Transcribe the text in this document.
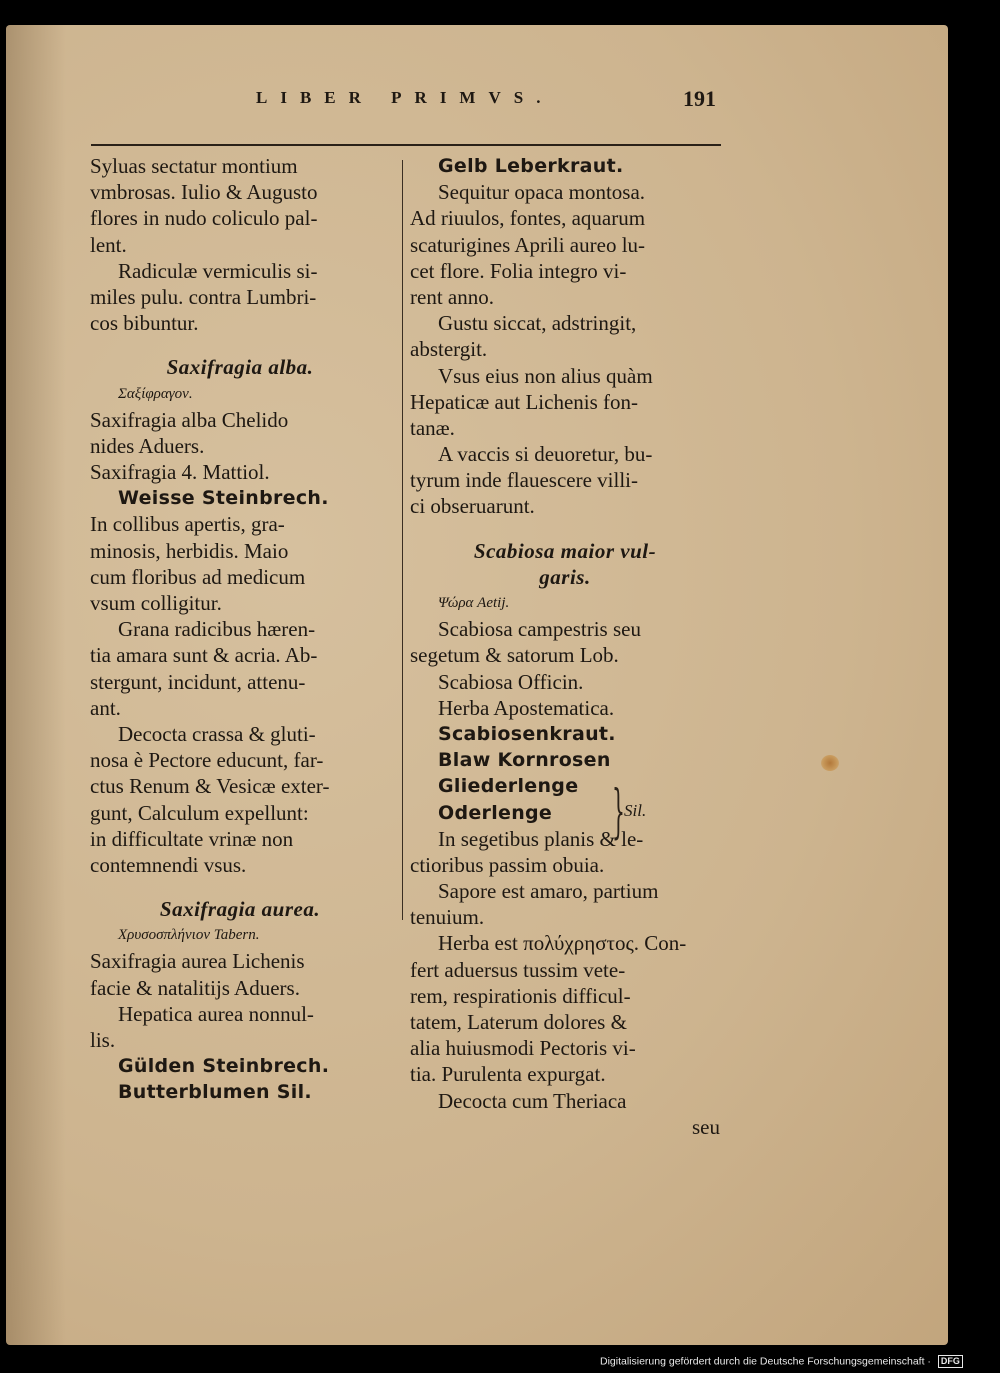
LIBER PRIMVS.	191
Syluas sectatur montium
vmbrosas. Iulio & Augusto
flores in nudo coliculo pal-
lent.
Radiculæ vermiculis si-
miles pulu. contra Lumbri-
cos bibuntur.
Saxifragia alba.
Σαξίφραγον.
Saxifragia alba Chelido
nides Aduers.
Saxifragia 4. Mattiol.
Weisse Steinbrech.
In collibus apertis, gra-
minosis, herbidis. Maio
cum floribus ad medicum
vsum colligitur.
Grana radicibus hæren-
tia amara sunt & acria. Ab-
stergunt, incidunt, attenu-
ant.
Decocta crassa & gluti-
nosa è Pectore educunt, far-
ctus Renum & Vesicæ exter-
gunt, Calculum expellunt:
in difficultate vrinæ non
contemnendi vsus.
Saxifragia aurea.
Χρυσοσπλήνιον Tabern.
Saxifragia aurea Lichenis
facie & natalitijs Aduers.
Hepatica aurea nonnul-
lis.
Gülden Steinbrech.
Butterblumen Sil.
Gelb Leberkraut.
Sequitur opaca montosa.
Ad riuulos, fontes, aquarum
scaturigines Aprili aureo lu-
cet flore. Folia integro vi-
rent anno.
Gustu siccat, adstringit,
abstergit.
Vsus eius non alius quàm
Hepaticæ aut Lichenis fon-
tanæ.
A vaccis si deuoretur, bu-
tyrum inde flauescere villi-
ci obseruarunt.
Scabiosa maior vul-
garis.
Ψώρα Aetij.
Scabiosa campestris seu
segetum & satorum Lob.
Scabiosa Officin.
Herba Apostematica.
Scabiosenkraut.
Blaw Kornrosen
Gliederlenge
Oderlenge
In segetibus planis & le-
ctioribus passim obuia.
Sapore est amaro, partium
tenuium.
Herba est πολύχρηστος. Con-
fert aduersus tussim vete-
rem, respirationis difficul-
tatem, Laterum dolores &
alia huiusmodi Pectoris vi-
tia. Purulenta expurgat.
Decocta cum Theriaca
seu
} Sil.
Digitalisierung gefördert durch die Deutsche Forschungsgemeinschaft · DFG
